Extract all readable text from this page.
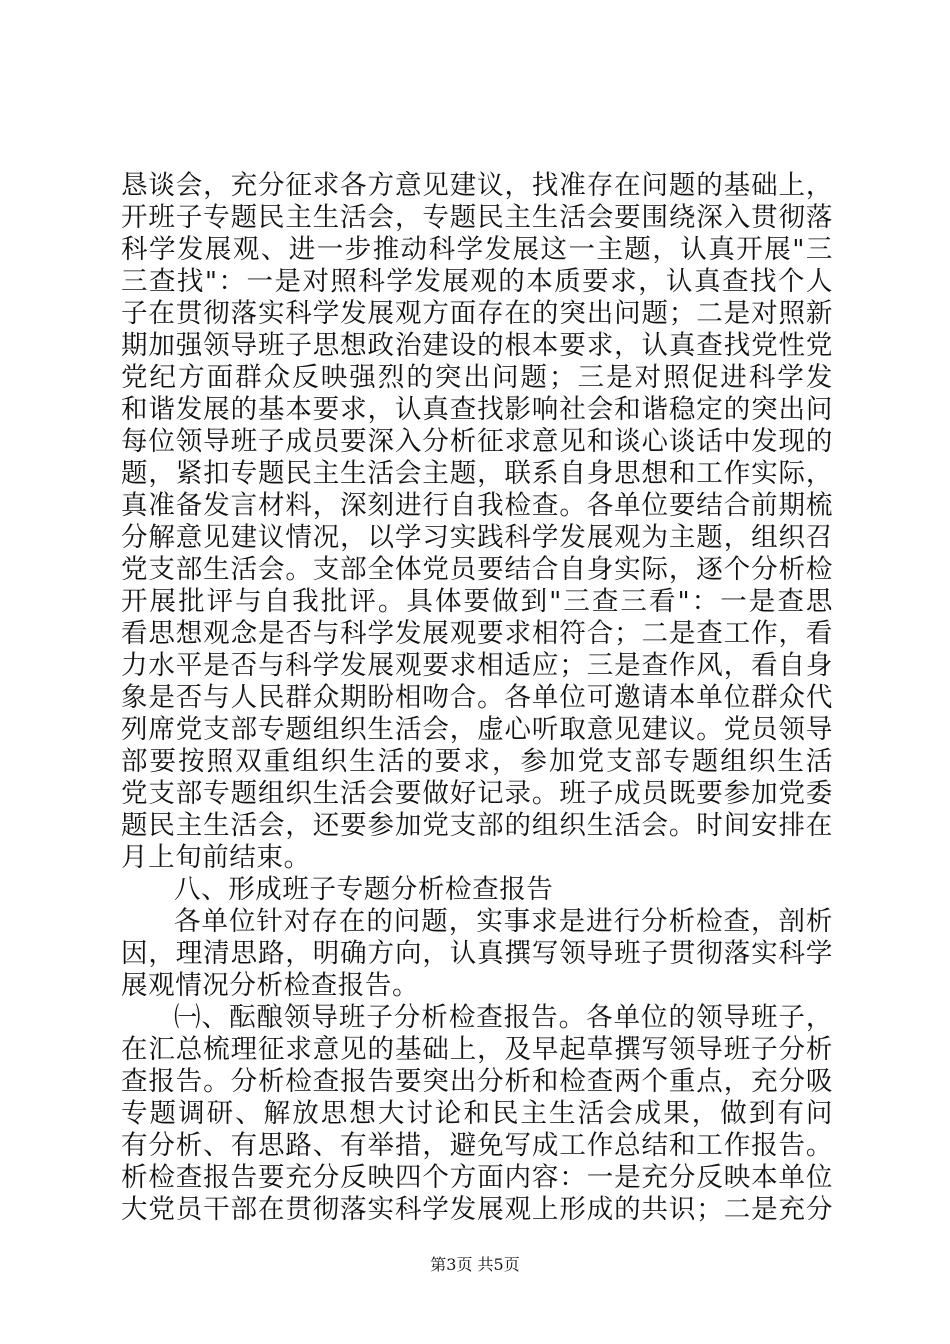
恳谈会，充分征求各方意见建议，找准存在问题的基础上，
开班子专题民主生活会，专题民主生活会要围绕深入贯彻落
科学发展观、进一步推动科学发展这一主题，认真开展"三
三查找"：一是对照科学发展观的本质要求，认真查找个人
子在贯彻落实科学发展观方面存在的突出问题；二是对照新
期加强领导班子思想政治建设的根本要求，认真查找党性党
党纪方面群众反映强烈的突出问题；三是对照促进科学发
和谐发展的基本要求，认真查找影响社会和谐稳定的突出问
每位领导班子成员要深入分析征求意见和谈心谈话中发现的
题，紧扣专题民主生活会主题，联系自身思想和工作实际，
真准备发言材料，深刻进行自我检查。各单位要结合前期梳
分解意见建议情况，以学习实践科学发展观为主题，组织召
党支部生活会。支部全体党员要结合自身实际，逐个分析检
开展批评与自我批评。具体要做到"三查三看"：一是查思
看思想观念是否与科学发展观要求相符合；二是查工作，看
力水平是否与科学发展观要求相适应；三是查作风，看自身
象是否与人民群众期盼相吻合。各单位可邀请本单位群众代
列席党支部专题组织生活会，虚心听取意见建议。党员领导
部要按照双重组织生活的要求，参加党支部专题组织生活
党支部专题组织生活会要做好记录。班子成员既要参加党委
题民主生活会，还要参加党支部的组织生活会。时间安排在
月上旬前结束。
八、形成班子专题分析检查报告
各单位针对存在的问题，实事求是进行分析检查，剖析
因，理清思路，明确方向，认真撰写领导班子贯彻落实科学
展观情况分析检查报告。
㈠、酝酿领导班子分析检查报告。各单位的领导班子，
在汇总梳理征求意见的基础上，及早起草撰写领导班子分析
查报告。分析检查报告要突出分析和检查两个重点，充分吸
专题调研、解放思想大讨论和民主生活会成果，做到有问
有分析、有思路、有举措，避免写成工作总结和工作报告。
析检查报告要充分反映四个方面内容：一是充分反映本单位
大党员干部在贯彻落实科学发展观上形成的共识；二是充分
第3页 共5页
